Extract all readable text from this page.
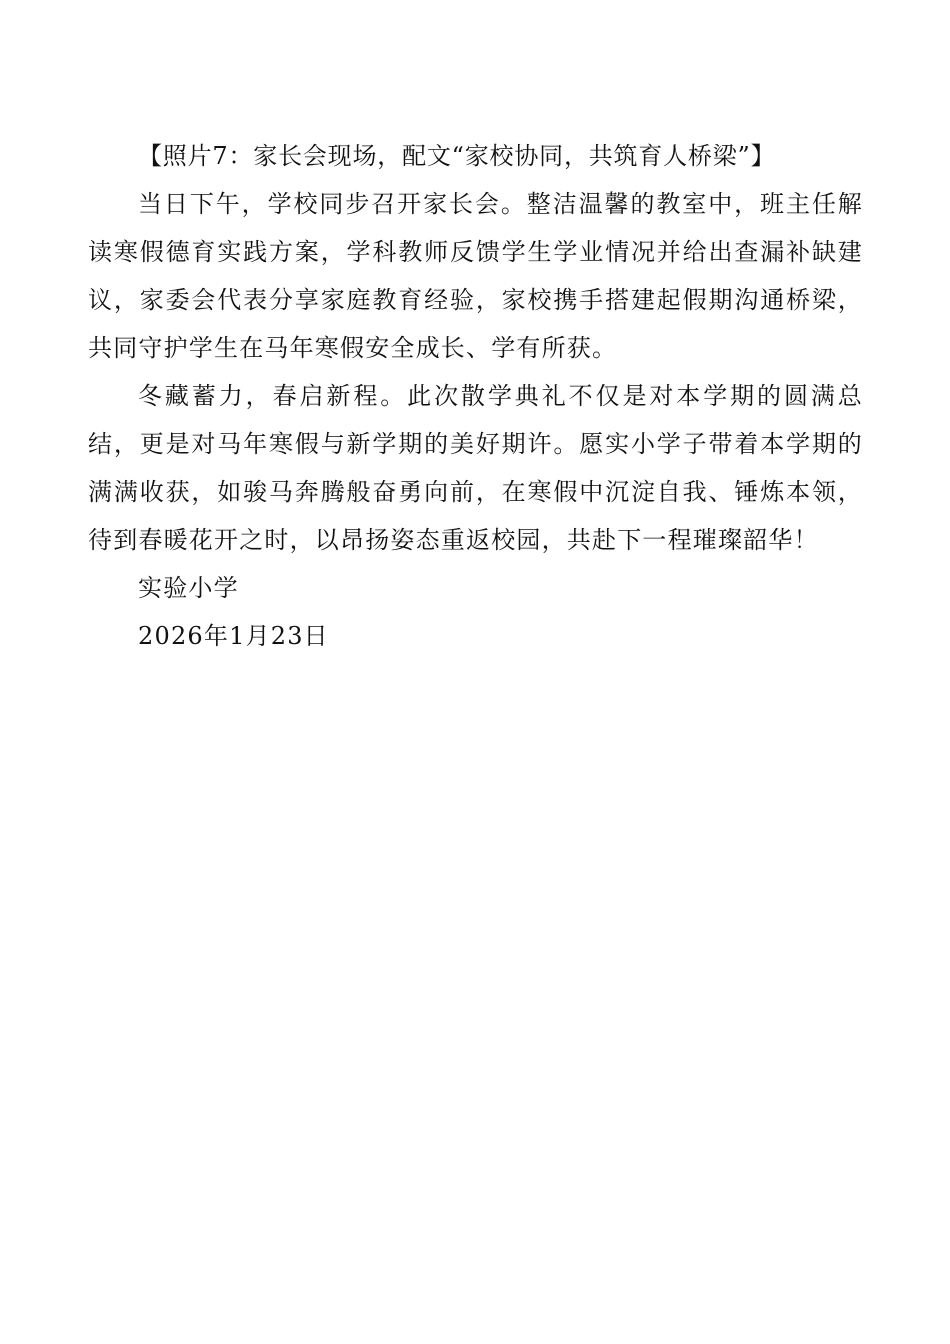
【照片7：家长会现场，配文“家校协同，共筑育人桥梁”】

当日下午，学校同步召开家长会。整洁温馨的教室中，班主任解读寒假德育实践方案，学科教师反馈学生学业情况并给出查漏补缺建议，家委会代表分享家庭教育经验，家校携手搭建起假期沟通桥梁，共同守护学生在马年寒假安全成长、学有所获。

冬藏蓄力，春启新程。此次散学典礼不仅是对本学期的圆满总结，更是对马年寒假与新学期的美好期许。愿实小学子带着本学期的满满收获，如骏马奔腾般奋勇向前，在寒假中沉淀自我、锤炼本领，待到春暖花开之时，以昂扬姿态重返校园，共赴下一程璀璨韶华！

实验小学

2026年1月23日
